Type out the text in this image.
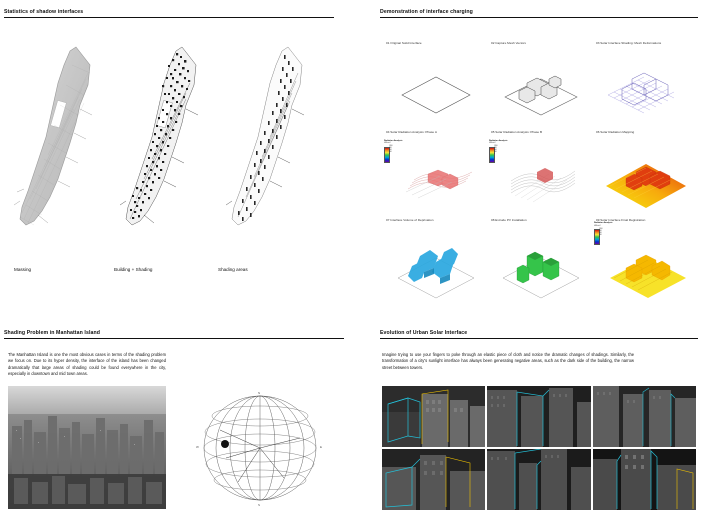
Statistics of shadow interfaces
Massing	Building + Shading	Shading areas
Demonstration of interface charging
01 Original Solid Interface	02 Capture Mesh Vectors	03 Solar Interface Shading: Mesh Deformations
04 Solar Radiation Analysis: Phase A
Radiation Analysis
kWh/m2
1200
900
600
300
0
05 Solar Radiation Analysis: Phase B
Radiation Analysis
kWh/m2
1200
900
600
300
0
06 Solar Radiation Mapping
07 Interface Volume of Deprivation	08 Extrude PV Installation	09 Solar Interface Final Registration
Radiation Analysis
kWh/m2
1200
900
600
300
0
Shading Problem in Manhattan Island
The Manhattan Island is one the most obvious cases in terms of the shading problem we focus on. Due to its hyper density, the interface of the island has been changed dramatically that large areas of shading could be found everywhere in the city, especially in downtown and mid town areas.
W	E
N
S
Evolution of Urban Solar Interface
Imagine trying to use your fingers to poke through an elastic piece of cloth and notice the dramatic changes of shadings. Similarly, the transformation of a city's sunlight interface has always been generating negative areas, such as the dark side of the building, the narrow street between towers.
